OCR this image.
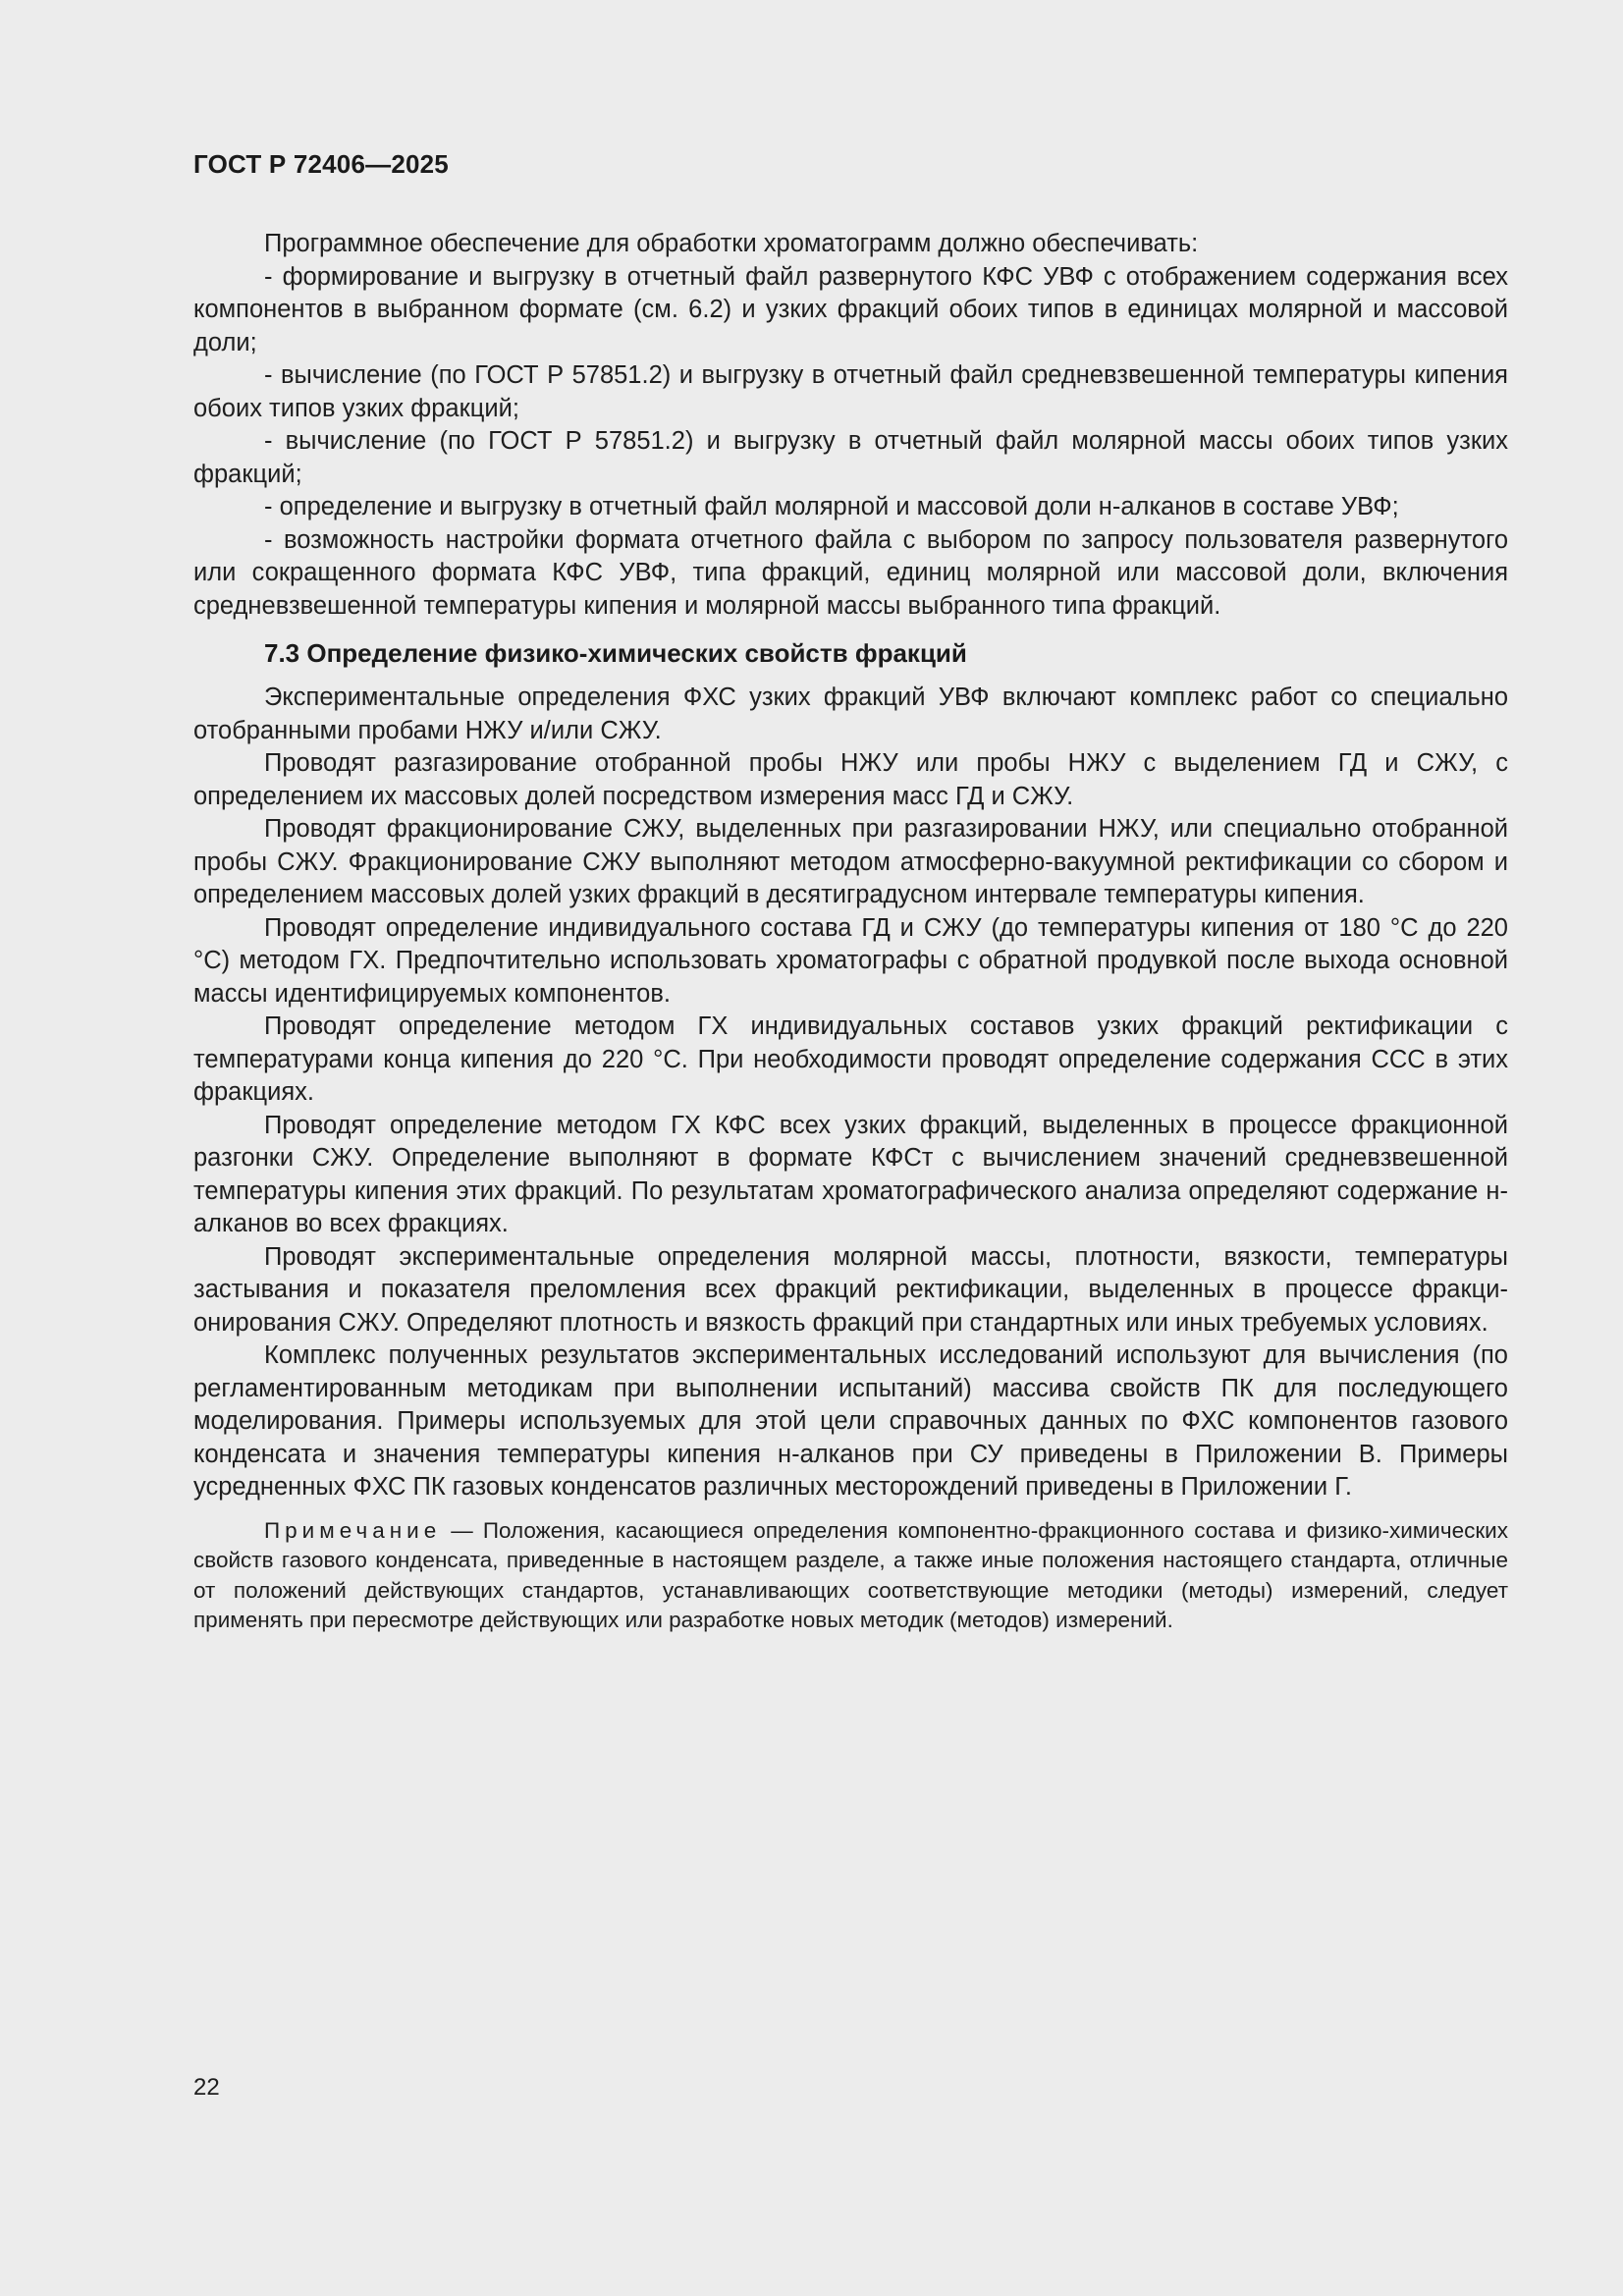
ГОСТ Р 72406—2025

Программное обеспечение для обработки хроматограмм должно обеспечивать:

- формирование и выгрузку в отчетный файл развернутого КФС УВФ с отображением содержания всех компонентов в выбранном формате (см. 6.2) и узких фракций обоих типов в единицах молярной и массовой доли;

- вычисление (по ГОСТ Р 57851.2) и выгрузку в отчетный файл средневзвешенной температуры кипения обоих типов узких фракций;

- вычисление (по ГОСТ Р 57851.2) и выгрузку в отчетный файл молярной массы обоих типов узких фракций;

- определение и выгрузку в отчетный файл молярной и массовой доли н-алканов в составе УВФ;

- возможность настройки формата отчетного файла с выбором по запросу пользователя развернутого или сокращенного формата КФС УВФ, типа фракций, единиц молярной или массовой доли, включения средневзвешенной температуры кипения и молярной массы выбранного типа фракций.

7.3 Определение физико-химических свойств фракций

Экспериментальные определения ФХС узких фракций УВФ включают комплекс работ со специально отобранными пробами НЖУ и/или СЖУ.

Проводят разгазирование отобранной пробы НЖУ или пробы НЖУ с выделением ГД и СЖУ, с определением их массовых долей посредством измерения масс ГД и СЖУ.

Проводят фракционирование СЖУ, выделенных при разгазировании НЖУ, или специально отобранной пробы СЖУ. Фракционирование СЖУ выполняют методом атмосферно-вакуумной ректификации со сбором и определением массовых долей узких фракций в десятиградусном интервале температуры кипения.

Проводят определение индивидуального состава ГД и СЖУ (до температуры кипения от 180 °С до 220 °С) методом ГХ. Предпочтительно использовать хроматографы с обратной продувкой после выхода основной массы идентифицируемых компонентов.

Проводят определение методом ГХ индивидуальных составов узких фракций ректификации с температурами конца кипения до 220 °С. При необходимости проводят определение содержания ССС в этих фракциях.

Проводят определение методом ГХ КФС всех узких фракций, выделенных в процессе фракционной разгонки СЖУ. Определение выполняют в формате КФСт с вычислением значений средневзвешенной температуры кипения этих фракций. По результатам хроматографического анализа определяют содержание н-алканов во всех фракциях.

Проводят экспериментальные определения молярной массы, плотности, вязкости, температуры застывания и показателя преломления всех фракций ректификации, выделенных в процессе фракционирования СЖУ. Определяют плотность и вязкость фракций при стандартных или иных требуемых условиях.

Комплекс полученных результатов экспериментальных исследований используют для вычисления (по регламентированным методикам при выполнении испытаний) массива свойств ПК для последующего моделирования. Примеры используемых для этой цели справочных данных по ФХС компонентов газового конденсата и значения температуры кипения н-алканов при СУ приведены в Приложении В. Примеры усредненных ФХС ПК газовых конденсатов различных месторождений приведены в Приложении Г.

Примечание — Положения, касающиеся определения компонентно-фракционного состава и физико-химических свойств газового конденсата, приведенные в настоящем разделе, а также иные положения настоящего стандарта, отличные от положений действующих стандартов, устанавливающих соответствующие методики (методы) измерений, следует применять при пересмотре действующих или разработке новых методик (методов) измерений.

22
